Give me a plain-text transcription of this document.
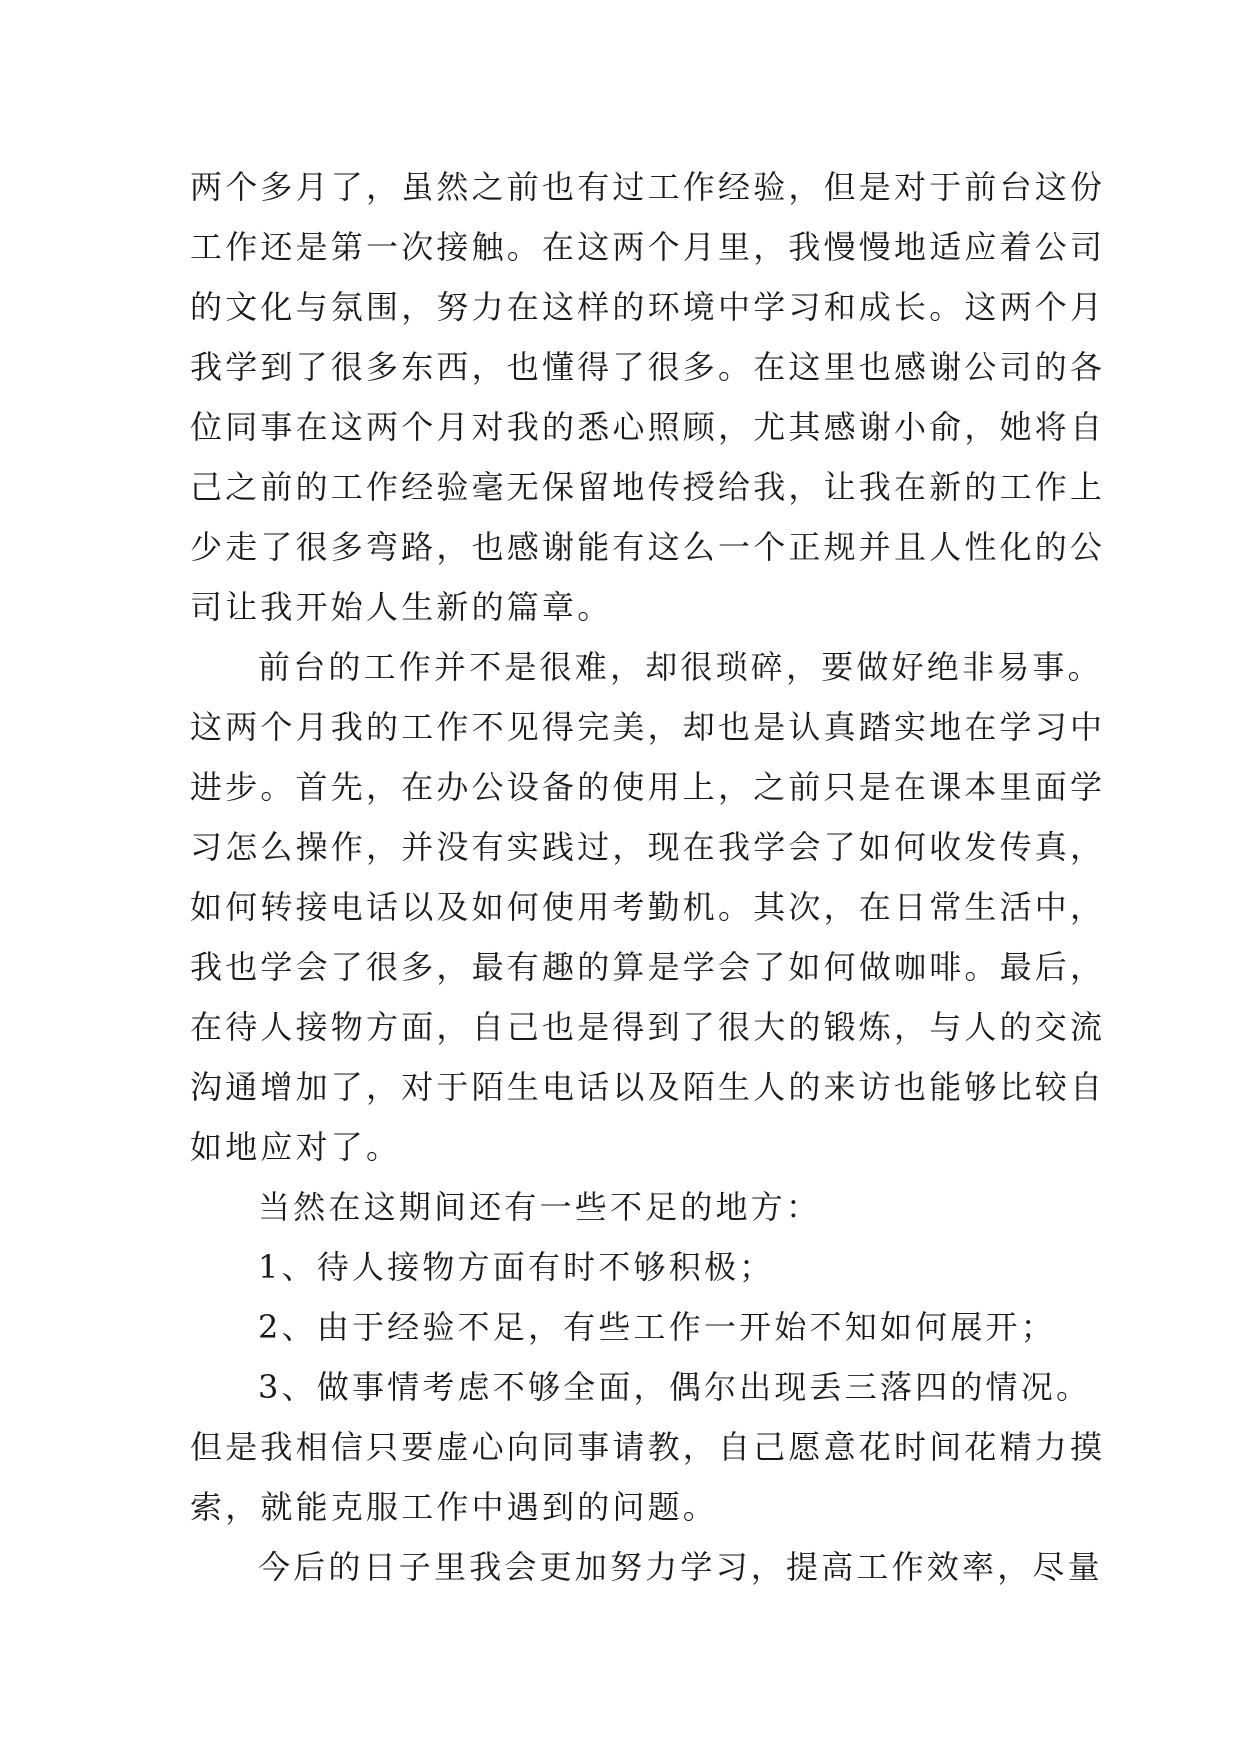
两个多月了，虽然之前也有过工作经验，但是对于前台这份
工作还是第一次接触。在这两个月里，我慢慢地适应着公司
的文化与氛围，努力在这样的环境中学习和成长。这两个月
我学到了很多东西，也懂得了很多。在这里也感谢公司的各
位同事在这两个月对我的悉心照顾，尤其感谢小俞，她将自
己之前的工作经验毫无保留地传授给我，让我在新的工作上
少走了很多弯路，也感谢能有这么一个正规并且人性化的公
司让我开始人生新的篇章。
前台的工作并不是很难，却很琐碎，要做好绝非易事。
这两个月我的工作不见得完美，却也是认真踏实地在学习中
进步。首先，在办公设备的使用上，之前只是在课本里面学
习怎么操作，并没有实践过，现在我学会了如何收发传真，
如何转接电话以及如何使用考勤机。其次，在日常生活中，
我也学会了很多，最有趣的算是学会了如何做咖啡。最后，
在待人接物方面，自己也是得到了很大的锻炼，与人的交流
沟通增加了，对于陌生电话以及陌生人的来访也能够比较自
如地应对了。
当然在这期间还有一些不足的地方：
1、待人接物方面有时不够积极；
2、由于经验不足，有些工作一开始不知如何展开；
3、做事情考虑不够全面，偶尔出现丢三落四的情况。
但是我相信只要虚心向同事请教，自己愿意花时间花精力摸
索，就能克服工作中遇到的问题。
今后的日子里我会更加努力学习，提高工作效率，尽量
